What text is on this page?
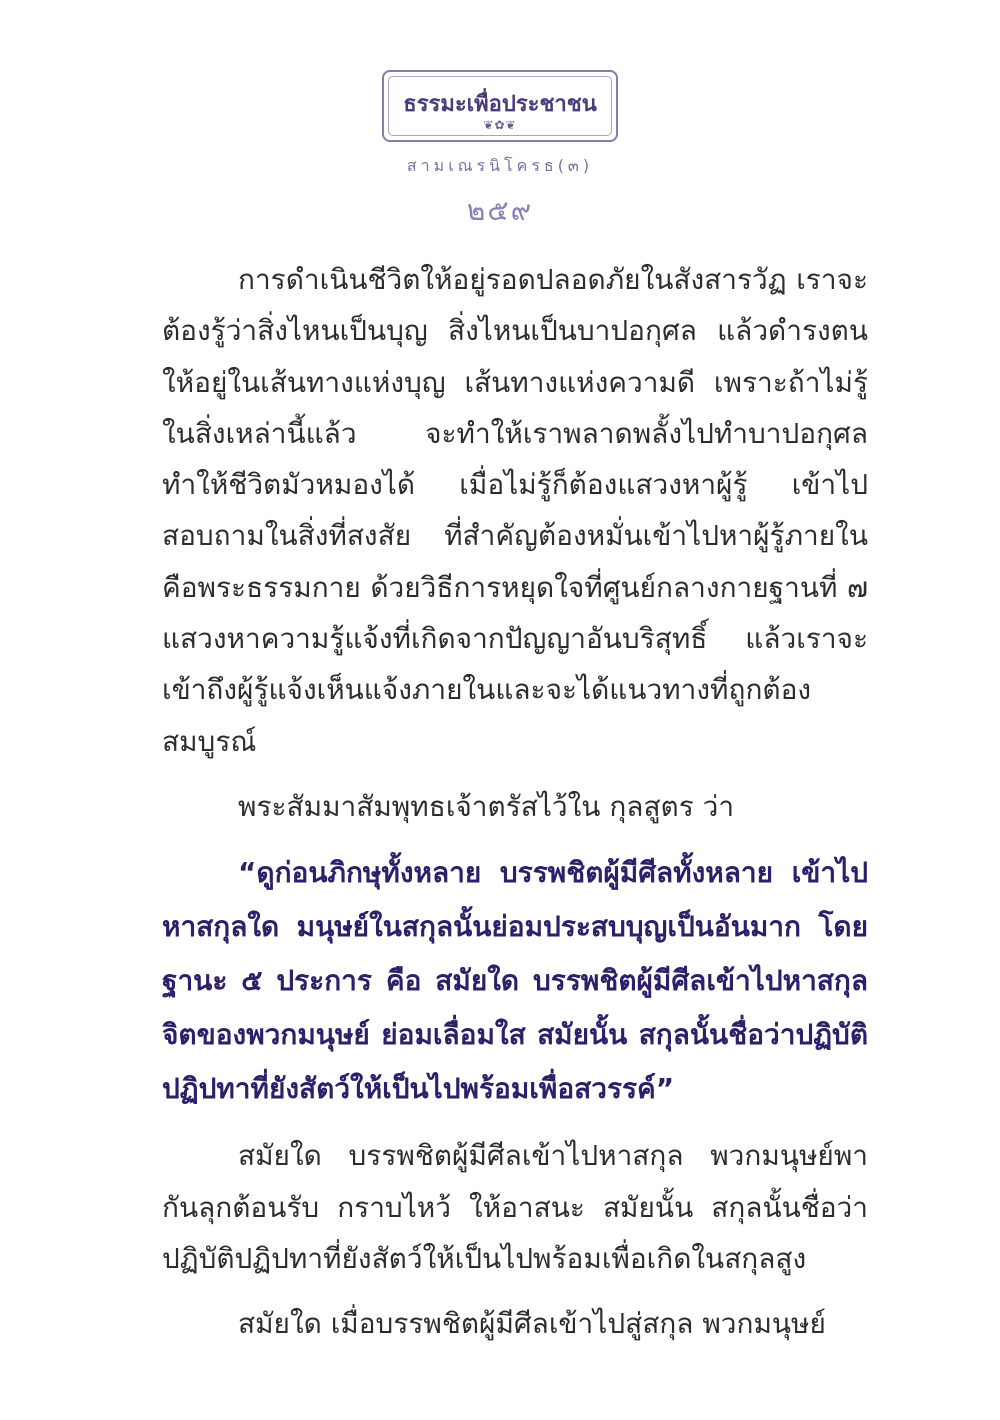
ธรรมะเพื่อประชาชน
❦✿❦
สามเณรนิโครธ(๓)
๒๕๙

การดำเนินชีวิตให้อยู่รอดปลอดภัยในสังสารวัฏ เราจะต้องรู้ว่าสิ่งไหนเป็นบุญ สิ่งไหนเป็นบาปอกุศล แล้วดำรงตนให้อยู่ในเส้นทางแห่งบุญ เส้นทางแห่งความดี เพราะถ้าไม่รู้ในสิ่งเหล่านี้แล้ว จะทำให้เราพลาดพลั้งไปทำบาปอกุศล ทำให้ชีวิตมัวหมองได้ เมื่อไม่รู้ก็ต้องแสวงหาผู้รู้ เข้าไปสอบถามในสิ่งที่สงสัย ที่สำคัญต้องหมั่นเข้าไปหาผู้รู้ภายในคือพระธรรมกาย ด้วยวิธีการหยุดใจที่ศูนย์กลางกายฐานที่ ๗ แสวงหาความรู้แจ้งที่เกิดจากปัญญาอันบริสุทธิ์ แล้วเราจะเข้าถึงผู้รู้แจ้งเห็นแจ้งภายในและจะได้แนวทางที่ถูกต้องสมบูรณ์

พระสัมมาสัมพุทธเจ้าตรัสไว้ใน กุลสูตร ว่า

“ดูก่อนภิกษุทั้งหลาย บรรพชิตผู้มีศีลทั้งหลาย เข้าไปหาสกุลใด มนุษย์ในสกุลนั้นย่อมประสบบุญเป็นอันมาก โดยฐานะ ๕ ประการ คือ สมัยใด บรรพชิตผู้มีศีลเข้าไปหาสกุล จิตของพวกมนุษย์ ย่อมเลื่อมใส สมัยนั้น สกุลนั้นชื่อว่าปฏิบัติปฏิปทาที่ยังสัตว์ให้เป็นไปพร้อมเพื่อสวรรค์”

สมัยใด บรรพชิตผู้มีศีลเข้าไปหาสกุล พวกมนุษย์พากันลุกต้อนรับ กราบไหว้ ให้อาสนะ สมัยนั้น สกุลนั้นชื่อว่า ปฏิบัติปฏิปทาที่ยังสัตว์ให้เป็นไปพร้อมเพื่อเกิดในสกุลสูง

สมัยใด เมื่อบรรพชิตผู้มีศีลเข้าไปสู่สกุล พวกมนุษย์
